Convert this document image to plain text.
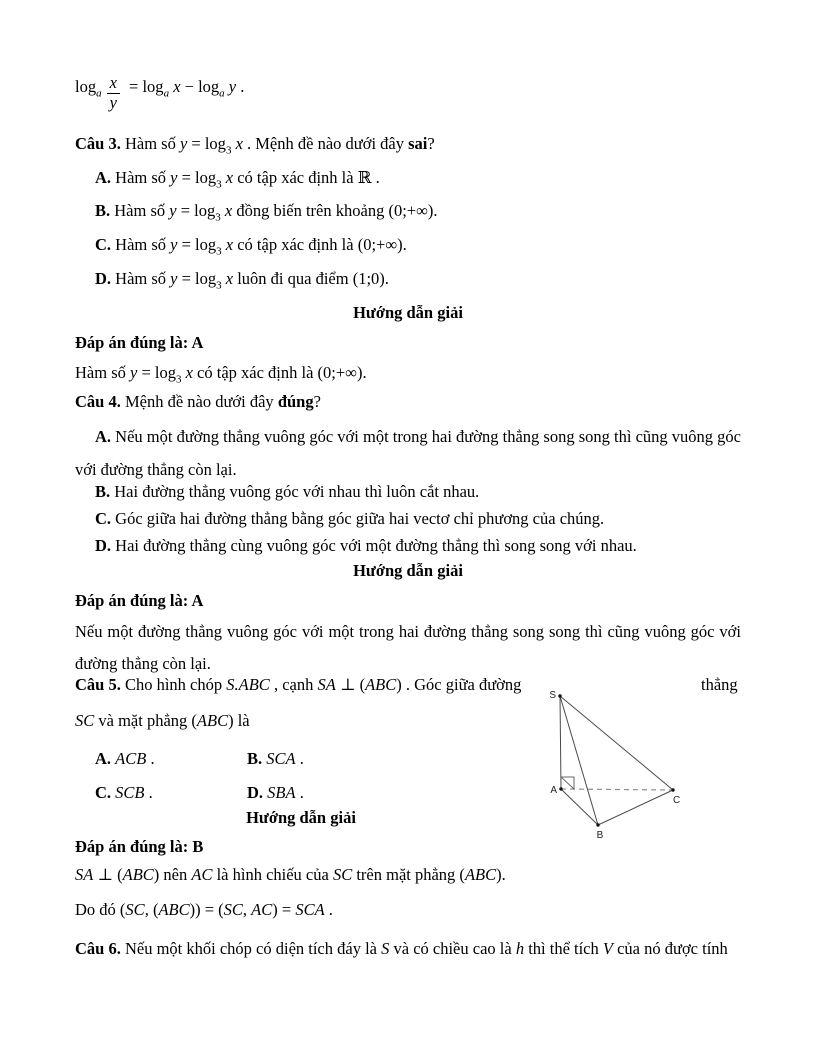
$\log_a \frac{x}{y} = \log_a x - \log_a y$ .
Câu 3. Hàm số $y = \log_3 x$ . Mệnh đề nào dưới đây sai?
A. Hàm số $y = \log_3 x$ có tập xác định là ℝ .
B. Hàm số $y = \log_3 x$ đồng biến trên khoảng (0;+∞).
C. Hàm số $y = \log_3 x$ có tập xác định là (0;+∞).
D. Hàm số $y = \log_3 x$ luôn đi qua điểm (1;0).
Hướng dẫn giải
Đáp án đúng là: A
Hàm số $y = \log_3 x$ có tập xác định là (0;+∞).
Câu 4. Mệnh đề nào dưới đây đúng?
A. Nếu một đường thẳng vuông góc với một trong hai đường thẳng song song thì cũng vuông góc với đường thẳng còn lại.
B. Hai đường thẳng vuông góc với nhau thì luôn cắt nhau.
C. Góc giữa hai đường thẳng bằng góc giữa hai vectơ chỉ phương của chúng.
D. Hai đường thẳng cùng vuông góc với một đường thẳng thì song song với nhau.
Hướng dẫn giải
Đáp án đúng là: A
Nếu một đường thẳng vuông góc với một trong hai đường thẳng song song thì cũng vuông góc với đường thẳng còn lại.
Câu 5. Cho hình chóp S.ABC , cạnh SA ⊥ (ABC) . Góc giữa đường	thẳng
SC và mặt phẳng (ABC) là
A. ACB .	B. SCA .
C. SCB .	D. SBA .
Hướng dẫn giải
Đáp án đúng là: B
SA ⊥ (ABC) nên AC là hình chiếu của SC trên mặt phẳng (ABC).
Do đó (SC, (ABC)) = (SC, AC) = SCA .
S
A
B
C
Câu 6. Nếu một khối chóp có diện tích đáy là S và có chiều cao là h thì thể tích V của nó được tính
